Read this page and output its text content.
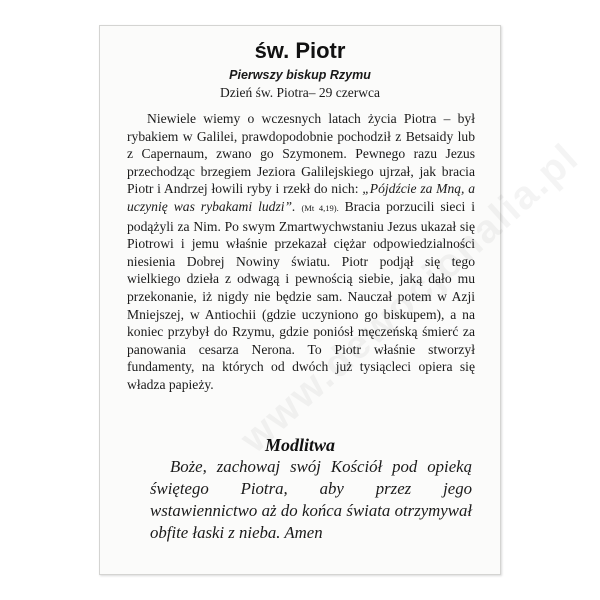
św. Piotr
Pierwszy biskup Rzymu
Dzień św. Piotra– 29 czerwca

Niewiele wiemy o wczesnych latach życia Piotra – był rybakiem w Galilei, prawdopodobnie pochodził z Betsaidy lub z Capernaum, zwano go Szymonem. Pewnego razu Jezus przechodząc brzegiem Jeziora Galilejskiego ujrzał, jak bracia Piotr i Andrzej łowili ryby i rzekł do nich: „Pójdźcie za Mną, a uczynię was rybakami ludzi”. (Mt 4,19). Bracia porzucili sieci i podążyli za Nim. Po swym Zmartwychwstaniu Jezus ukazał się Piotrowi i jemu właśnie przekazał ciężar odpowiedzialności niesienia Dobrej Nowiny światu. Piotr podjął się tego wielkiego dzieła z odwagą i pewnością siebie, jaką dało mu przekonanie, iż nigdy nie będzie sam. Nauczał potem w Azji Mniejszej, w Antiochii (gdzie uczyniono go biskupem), a na koniec przybył do Rzymu, gdzie poniósł męczeńską śmierć za panowania cesarza Nerona. To Piotr właśnie stworzył fundamenty, na których od dwóch już tysiącleci opiera się władza papieży.

Modlitwa

Boże, zachowaj swój Kościół pod opieką świętego Piotra, aby przez jego wstawiennictwo aż do końca świata otrzymywał obfite łaski z nieba. Amen
